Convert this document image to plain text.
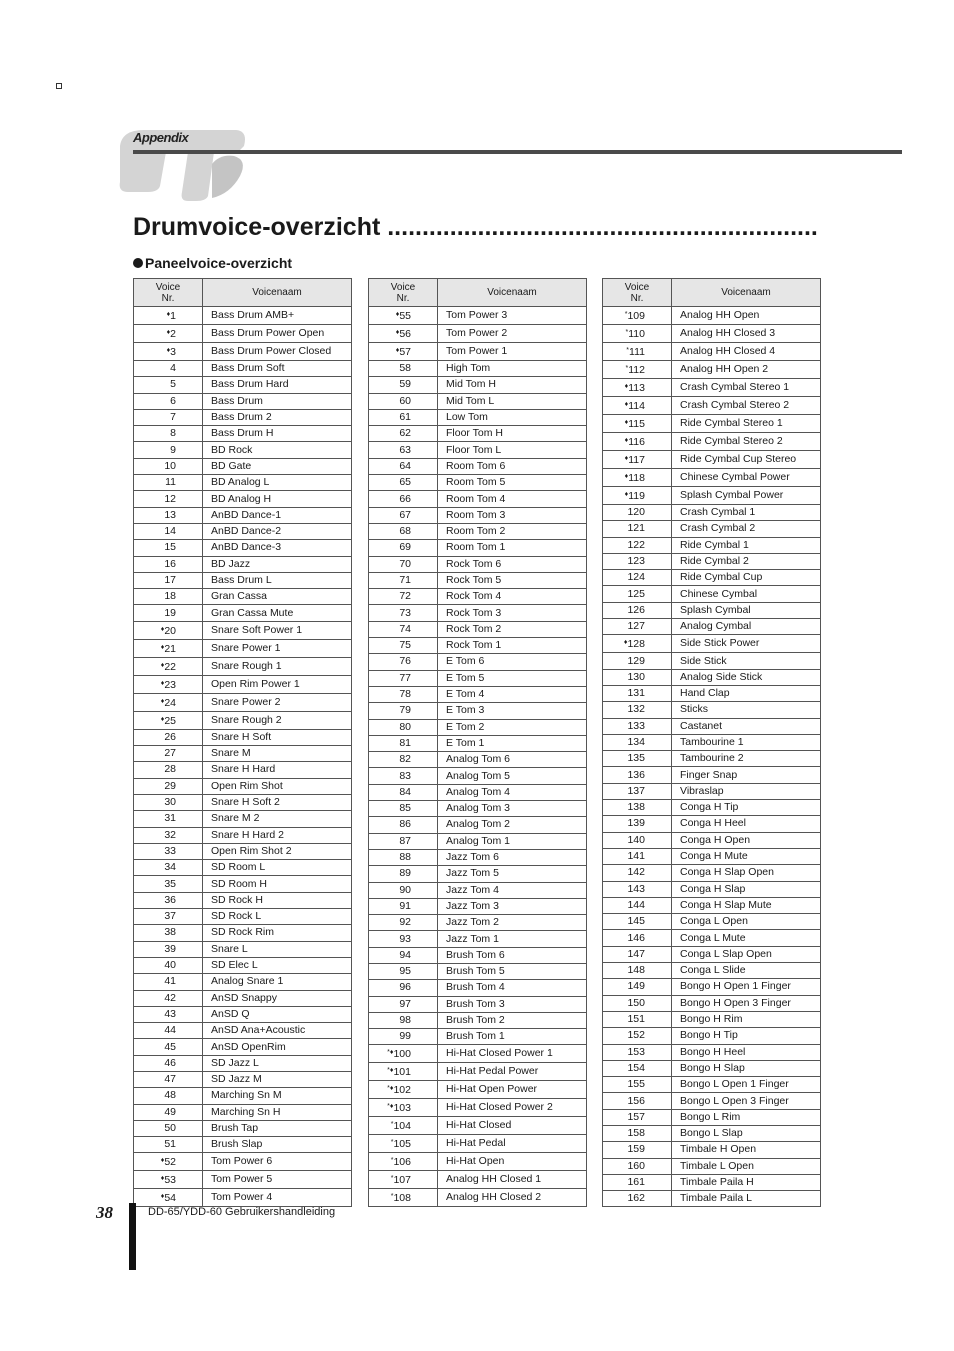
Appendix
Drumvoice-overzicht ..............................................................
Paneelvoice-overzicht
Voice
Nr.	Voicenaam
♦1	Bass Drum AMB+
♦2	Bass Drum Power Open
♦3	Bass Drum Power Closed
4	Bass Drum Soft
5	Bass Drum Hard
6	Bass Drum
7	Bass Drum 2
8	Bass Drum H
9	BD Rock
10	BD Gate
11	BD Analog L
12	BD Analog H
13	AnBD Dance-1
14	AnBD Dance-2
15	AnBD Dance-3
16	BD Jazz
17	Bass Drum L
18	Gran Cassa
19	Gran Cassa Mute
♦20	Snare Soft Power 1
♦21	Snare Power 1
♦22	Snare Rough 1
♦23	Open Rim Power 1
♦24	Snare Power 2
♦25	Snare Rough 2
26	Snare H Soft
27	Snare M
28	Snare H Hard
29	Open Rim Shot
30	Snare H Soft 2
31	Snare M 2
32	Snare H Hard 2
33	Open Rim Shot 2
34	SD Room L
35	SD Room H
36	SD Rock H
37	SD Rock L
38	SD Rock Rim
39	Snare L
40	SD Elec L
41	Analog Snare 1
42	AnSD Snappy
43	AnSD Q
44	AnSD Ana+Acoustic
45	AnSD OpenRim
46	SD Jazz L
47	SD Jazz M
48	Marching Sn M
49	Marching Sn H
50	Brush Tap
51	Brush Slap
♦52	Tom Power 6
♦53	Tom Power 5
♦54	Tom Power 4
Voice
Nr.	Voicenaam
♦55	Tom Power 3
♦56	Tom Power 2
♦57	Tom Power 1
58	High Tom
59	Mid Tom H
60	Mid Tom L
61	Low Tom
62	Floor Tom H
63	Floor Tom L
64	Room Tom 6
65	Room Tom 5
66	Room Tom 4
67	Room Tom 3
68	Room Tom 2
69	Room Tom 1
70	Rock Tom 6
71	Rock Tom 5
72	Rock Tom 4
73	Rock Tom 3
74	Rock Tom 2
75	Rock Tom 1
76	E Tom 6
77	E Tom 5
78	E Tom 4
79	E Tom 3
80	E Tom 2
81	E Tom 1
82	Analog Tom 6
83	Analog Tom 5
84	Analog Tom 4
85	Analog Tom 3
86	Analog Tom 2
87	Analog Tom 1
88	Jazz Tom 6
89	Jazz Tom 5
90	Jazz Tom 4
91	Jazz Tom 3
92	Jazz Tom 2
93	Jazz Tom 1
94	Brush Tom 6
95	Brush Tom 5
96	Brush Tom 4
97	Brush Tom 3
98	Brush Tom 2
99	Brush Tom 1
*♦100	Hi-Hat Closed Power 1
*♦101	Hi-Hat Pedal Power
*♦102	Hi-Hat Open Power
*♦103	Hi-Hat Closed Power 2
*104	Hi-Hat Closed
*105	Hi-Hat Pedal
*106	Hi-Hat Open
*107	Analog HH Closed 1
*108	Analog HH Closed 2
Voice
Nr.	Voicenaam
*109	Analog HH Open
*110	Analog HH Closed 3
*111	Analog HH Closed 4
*112	Analog HH Open 2
♦113	Crash Cymbal Stereo 1
♦114	Crash Cymbal Stereo 2
♦115	Ride Cymbal Stereo 1
♦116	Ride Cymbal Stereo 2
♦117	Ride Cymbal Cup Stereo
♦118	Chinese Cymbal Power
♦119	Splash Cymbal Power
120	Crash Cymbal 1
121	Crash Cymbal 2
122	Ride Cymbal 1
123	Ride Cymbal 2
124	Ride Cymbal Cup
125	Chinese Cymbal
126	Splash Cymbal
127	Analog Cymbal
♦128	Side Stick Power
129	Side Stick
130	Analog Side Stick
131	Hand Clap
132	Sticks
133	Castanet
134	Tambourine 1
135	Tambourine 2
136	Finger Snap
137	Vibraslap
138	Conga H Tip
139	Conga H Heel
140	Conga H Open
141	Conga H Mute
142	Conga H Slap Open
143	Conga H Slap
144	Conga H Slap Mute
145	Conga L Open
146	Conga L Mute
147	Conga L Slap Open
148	Conga L Slide
149	Bongo H Open 1 Finger
150	Bongo H Open 3 Finger
151	Bongo H Rim
152	Bongo H Tip
153	Bongo H Heel
154	Bongo H Slap
155	Bongo L Open 1 Finger
156	Bongo L Open 3 Finger
157	Bongo L Rim
158	Bongo L Slap
159	Timbale H Open
160	Timbale L Open
161	Timbale Paila H
162	Timbale Paila L
38	DD-65/YDD-60 Gebruikershandleiding
